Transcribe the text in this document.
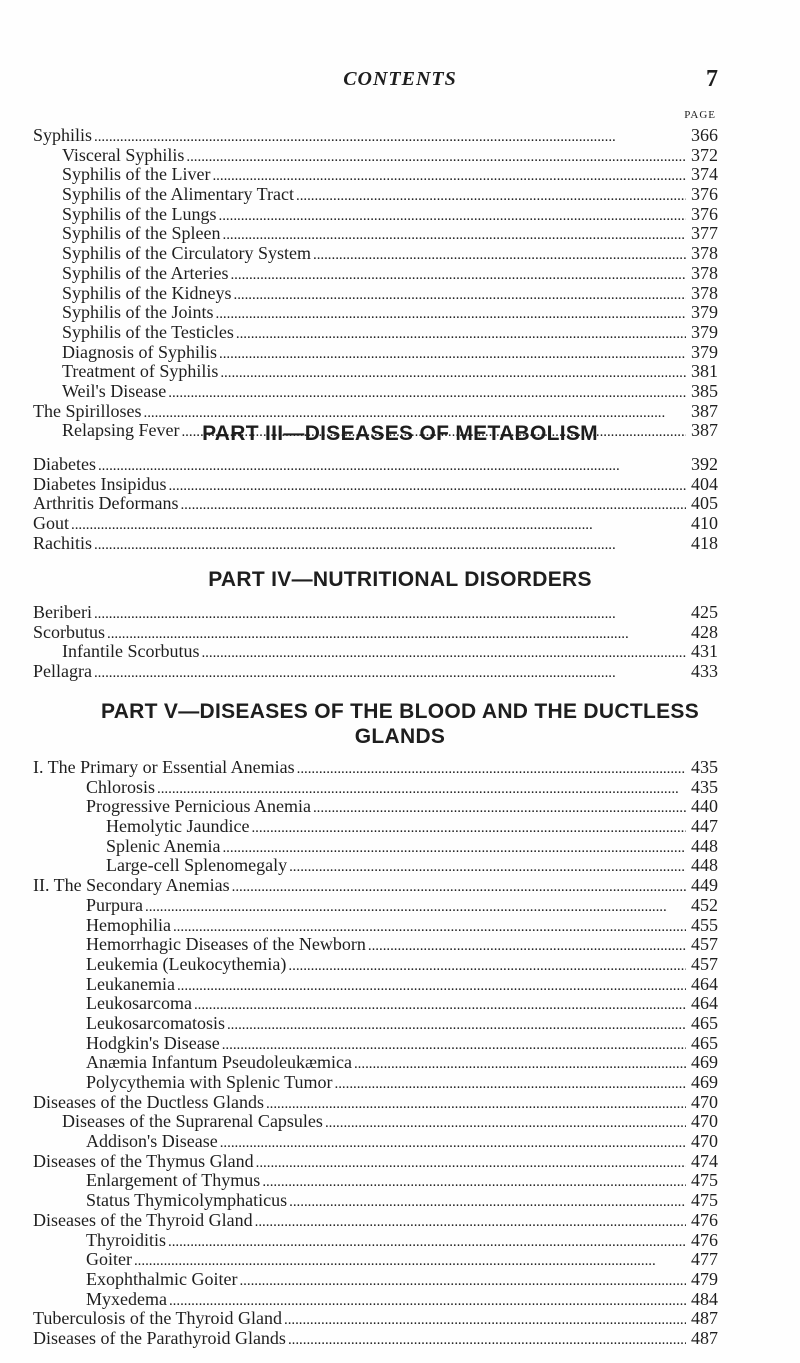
CONTENTS	7
PAGE
Syphilis . . .	366
Visceral Syphilis . . .	372
Syphilis of the Liver . . .	374
Syphilis of the Alimentary Tract . . .	376
Syphilis of the Lungs . . .	376
Syphilis of the Spleen . . .	377
Syphilis of the Circulatory System . . .	378
Syphilis of the Arteries . . .	378
Syphilis of the Kidneys . . .	378
Syphilis of the Joints . . .	379
Syphilis of the Testicles . . .	379
Diagnosis of Syphilis . . .	379
Treatment of Syphilis . . .	381
Weil's Disease . . .	385
The Spirilloses . . .	387
Relapsing Fever . . .	387
PART III—DISEASES OF METABOLISM
Diabetes . . .	392
Diabetes Insipidus . . .	404
Arthritis Deformans . . .	405
Gout . . .	410
Rachitis . . .	418
PART IV—NUTRITIONAL DISORDERS
Beriberi . . .	425
Scorbutus . . .	428
Infantile Scorbutus . . .	431
Pellagra . . .	433
PART V—DISEASES OF THE BLOOD AND THE DUCTLESS
GLANDS
I. The Primary or Essential Anemias . . .	435
Chlorosis . . .	435
Progressive Pernicious Anemia . . .	440
Hemolytic Jaundice . . .	447
Splenic Anemia . . .	448
Large-cell Splenomegaly . . .	448
II. The Secondary Anemias . . .	449
Purpura . . .	452
Hemophilia . . .	455
Hemorrhagic Diseases of the Newborn . . .	457
Leukemia (Leukocythemia) . . .	457
Leukanemia . . .	464
Leukosarcoma . . .	464
Leukosarcomatosis . . .	465
Hodgkin's Disease . . .	465
Anæmia Infantum Pseudoleukæmica . . .	469
Polycythemia with Splenic Tumor . . .	469
Diseases of the Ductless Glands . . .	470
Diseases of the Suprarenal Capsules . . .	470
Addison's Disease . . .	470
Diseases of the Thymus Gland . . .	474
Enlargement of Thymus . . .	475
Status Thymicolymphaticus . . .	475
Diseases of the Thyroid Gland . . .	476
Thyroiditis . . .	476
Goiter . . .	477
Exophthalmic Goiter . . .	479
Myxedema . . .	484
Tuberculosis of the Thyroid Gland . . .	487
Diseases of the Parathyroid Glands . . .	487
